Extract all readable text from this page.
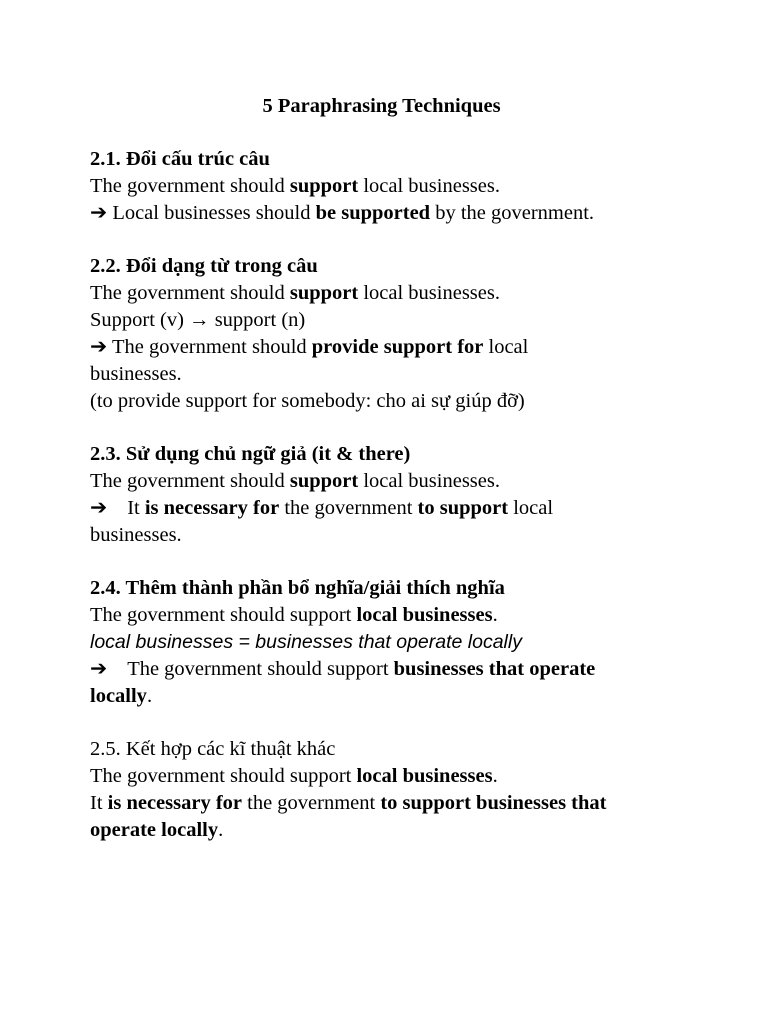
5 Paraphrasing Techniques

2.1. Đổi cấu trúc câu

The government should support local businesses.

➔ Local businesses should be supported by the government.

2.2. Đổi dạng từ trong câu

The government should support local businesses.

Support (v) → support (n)

➔ The government should provide support for local businesses.

(to provide support for somebody: cho ai sự giúp đỡ)

2.3. Sử dụng chủ ngữ giả (it & there)

The government should support local businesses.

➔ It is necessary for the government to support local businesses.

2.4. Thêm thành phần bổ nghĩa/giải thích nghĩa

The government should support local businesses.

local businesses = businesses that operate locally

➔ The government should support businesses that operate locally.

2.5. Kết hợp các kĩ thuật khác

The government should support local businesses.

It is necessary for the government to support businesses that operate locally.
